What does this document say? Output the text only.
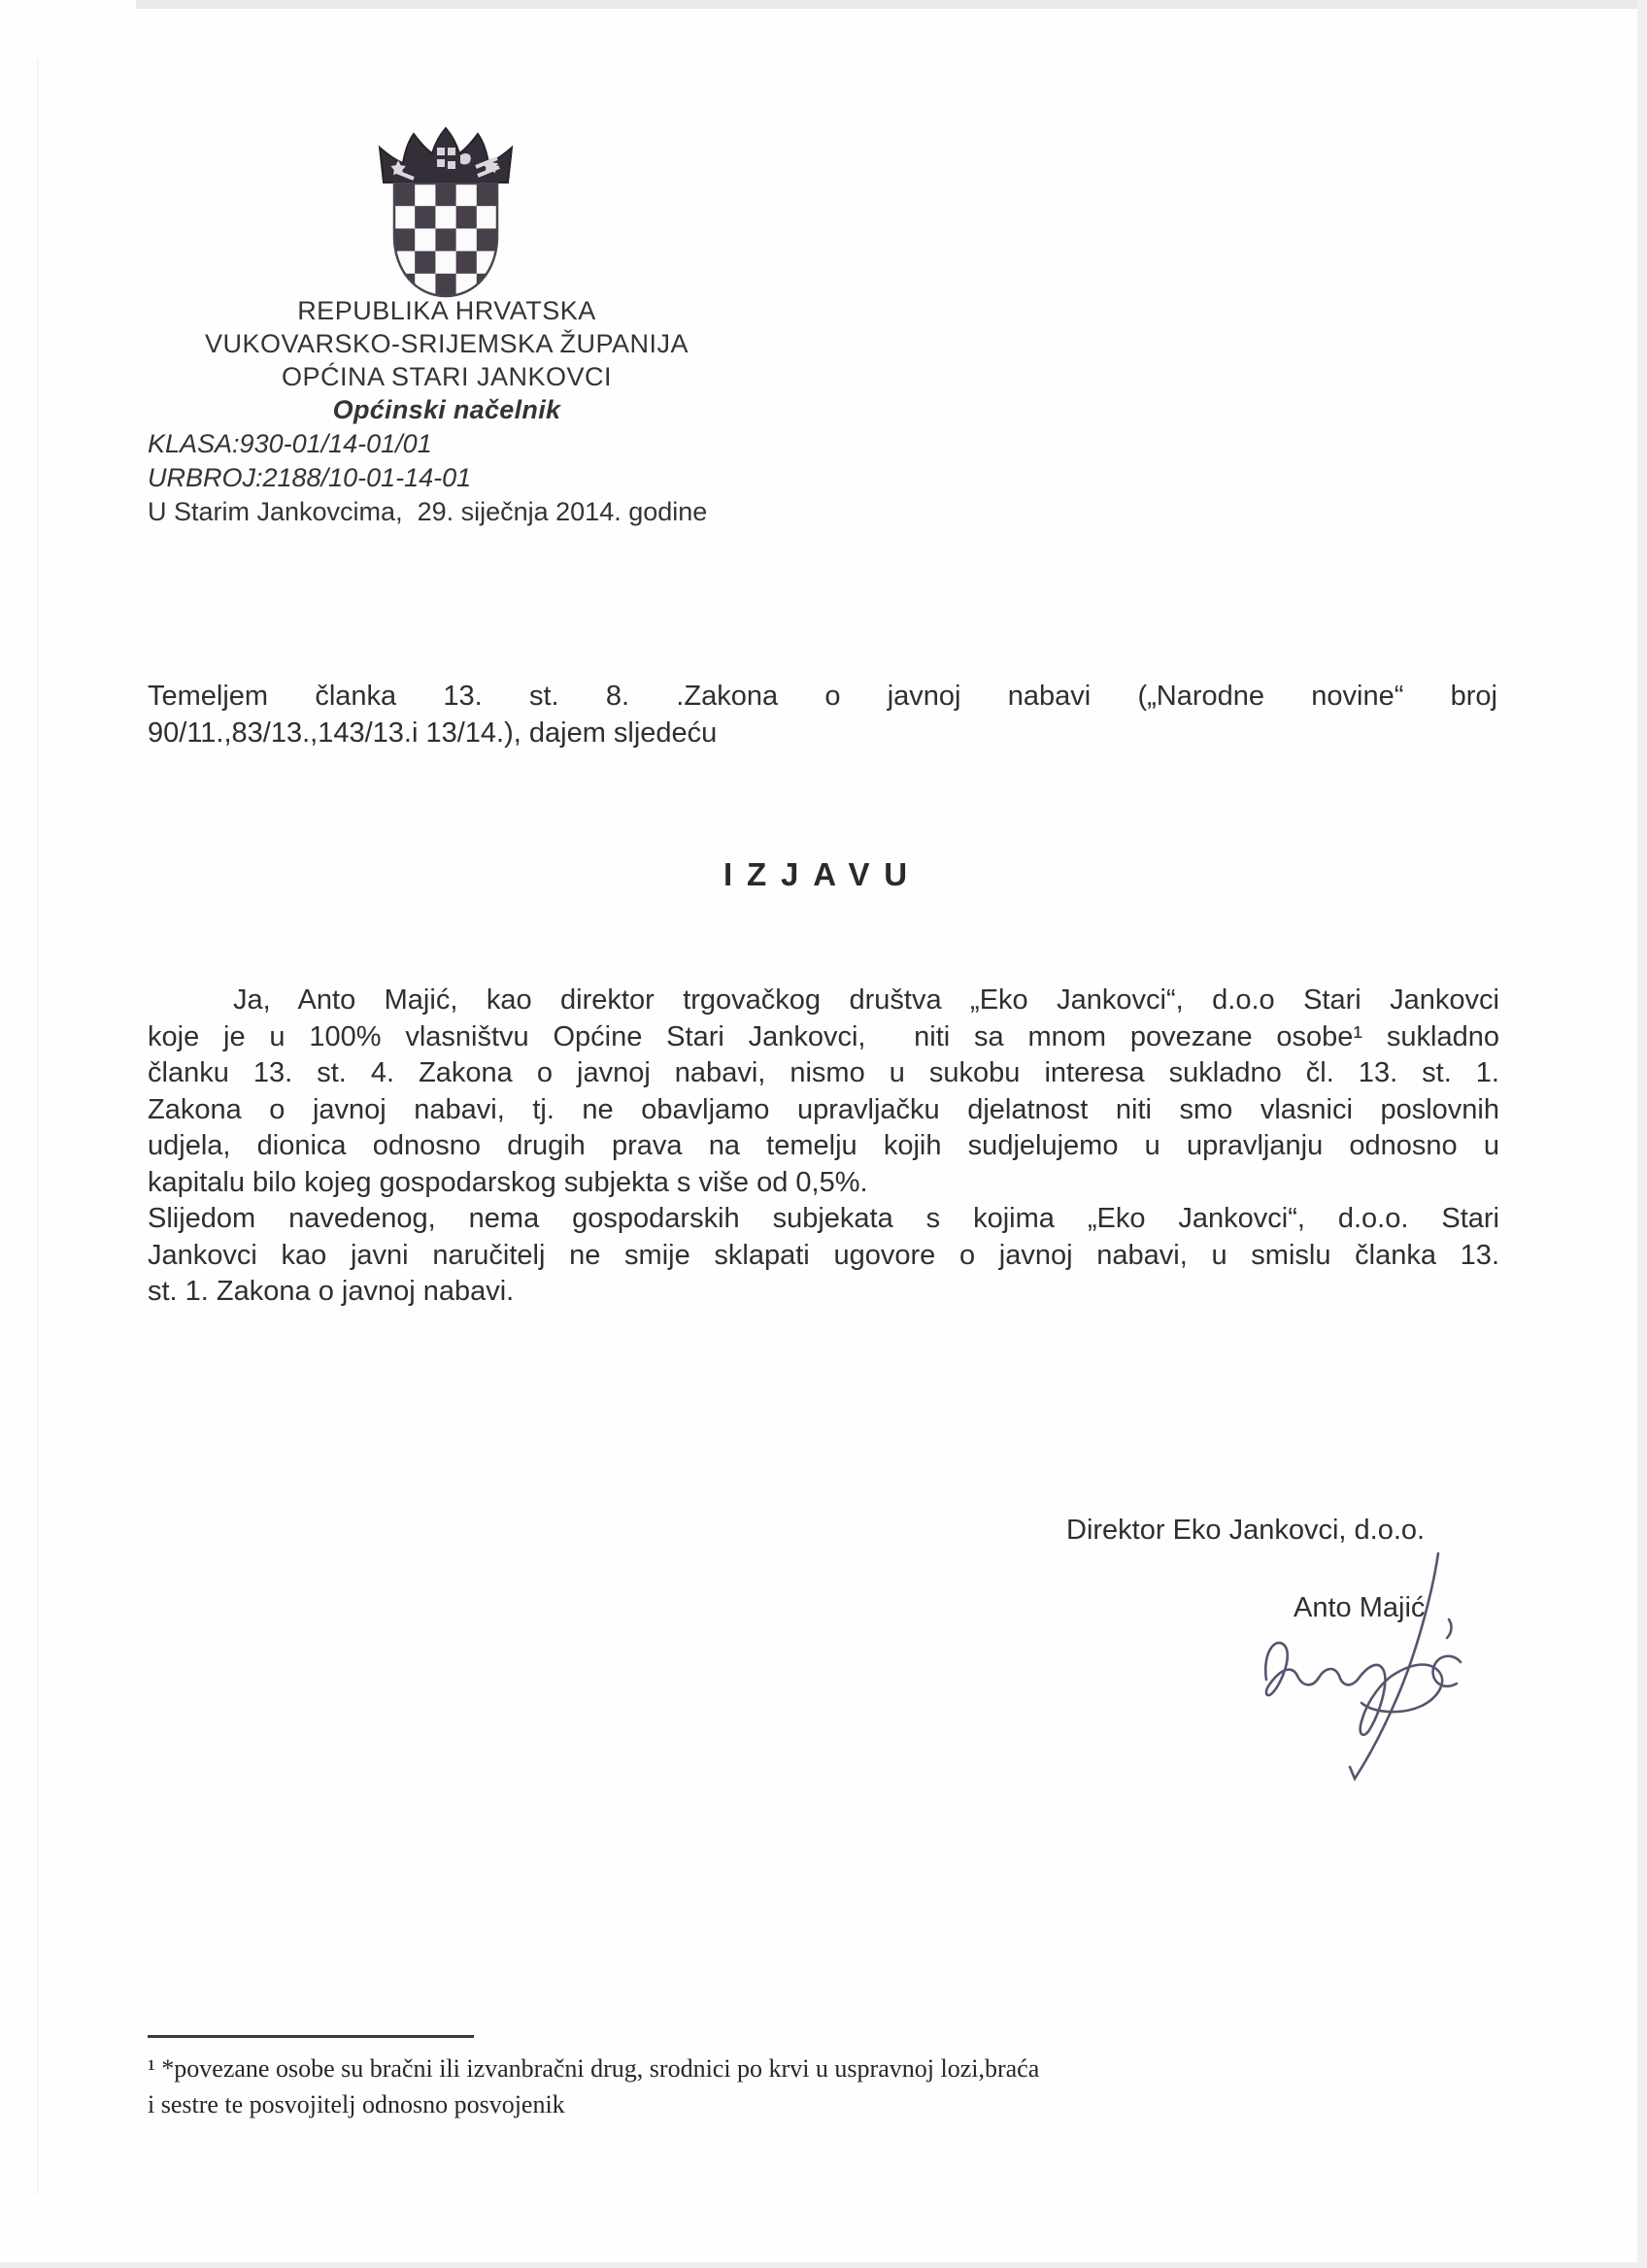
REPUBLIKA HRVATSKA
VUKOVARSKO-SRIJEMSKA ŽUPANIJA
OPĆINA STARI JANKOVCI
Općinski načelnik
KLASA:930-01/14-01/01
URBROJ:2188/10-01-14-01
U Starim Jankovcima,  29. siječnja 2014. godine
Temeljem članka 13. st. 8. .Zakona o javnoj nabavi („Narodne novine“ broj
90/11.,83/13.,143/13.i 13/14.), dajem sljedeću
IZJAVU
Ja, Anto Majić, kao direktor trgovačkog društva „Eko Jankovci“, d.o.o Stari Jankovci
koje je u 100% vlasništvu Općine Stari Jankovci,  niti sa mnom povezane osobe¹ sukladno
članku 13. st. 4. Zakona o javnoj nabavi, nismo u sukobu interesa sukladno čl. 13. st. 1.
Zakona o javnoj nabavi, tj. ne obavljamo upravljačku djelatnost niti smo vlasnici poslovnih
udjela, dionica odnosno drugih prava na temelju kojih sudjelujemo u upravljanju odnosno u
kapitalu bilo kojeg gospodarskog subjekta s više od 0,5%.
Slijedom navedenog, nema gospodarskih subjekata s kojima „Eko Jankovci“, d.o.o. Stari
Jankovci kao javni naručitelj ne smije sklapati ugovore o javnoj nabavi, u smislu članka 13.
st. 1. Zakona o javnoj nabavi.
Direktor Eko Jankovci, d.o.o.
Anto Majić
¹ *povezane osobe su bračni ili izvanbračni drug, srodnici po krvi u uspravnoj lozi,braća
i sestre te posvojitelj odnosno posvojenik
